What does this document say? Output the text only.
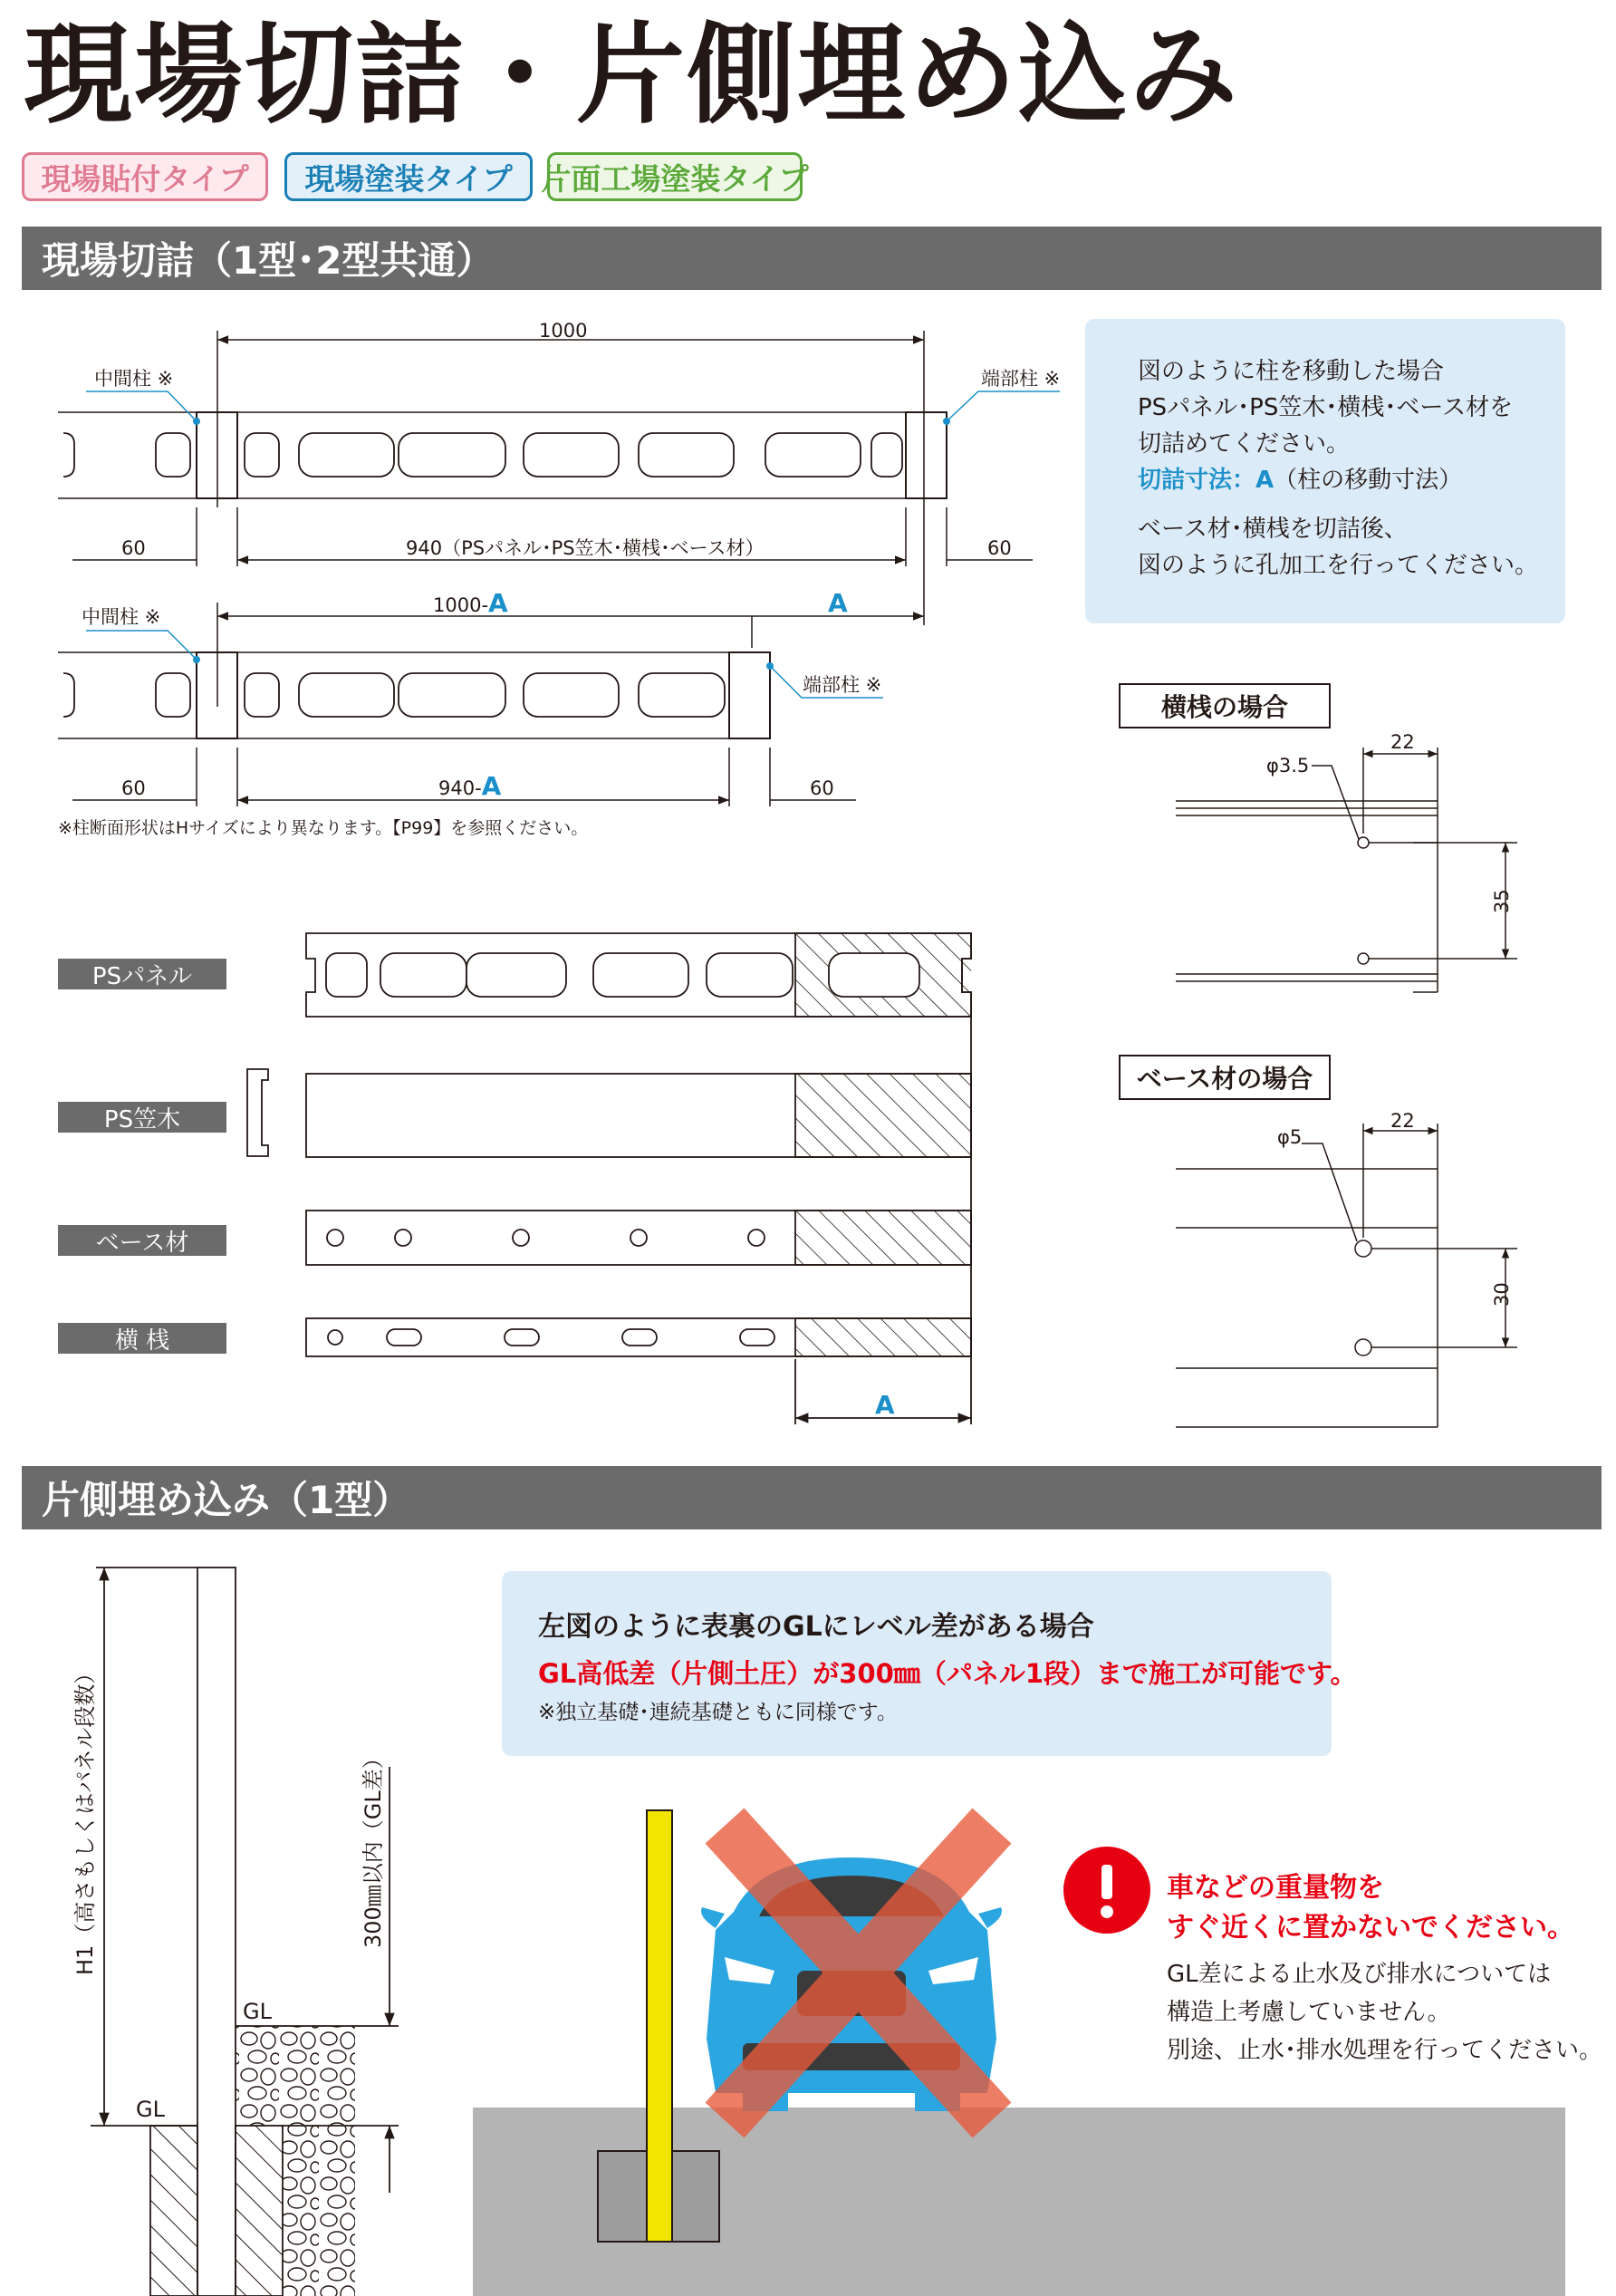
現場切詰・片側埋め込み
現場貼付タイプ	現場塗装タイプ 片面工場塗装タイプ
現場切詰（1型･2型共通）

図のように柱を移動した場合

PSパネル･PS笠木･横桟･ベース材を

切詰めてください。

切詰寸法：A（柱の移動寸法）

ベース材･横桟を切詰後、

図のように孔加工を行ってください。

1000
中間柱 ※	端部柱 ※
60	940（PSパネル･PS笠木･横桟･ベース材）	60
1000-A	A
中間柱 ※
端部柱 ※
60	940-A	60
※柱断面形状はHサイズにより異なります。【P99】を参照ください。
PSパネル
PS笠木
ベース材
横 桟
A
横桟の場合
ベース材の場合
φ3.5
22
35
φ5
22
30
片側埋め込み（1型）

左図のように表裏のGLにレベル差がある場合

GL高低差（片側土圧）が300㎜（パネル1段）まで施工が可能です。

※独立基礎･連続基礎ともに同様です。

H1（高さもしくはパネル段数）	300㎜以内（GL差）
GL
GL
車などの重量物を
すぐ近くに置かないでください。
GL差による止水及び排水については
構造上考慮していません。
別途、止水･排水処理を行ってください。
